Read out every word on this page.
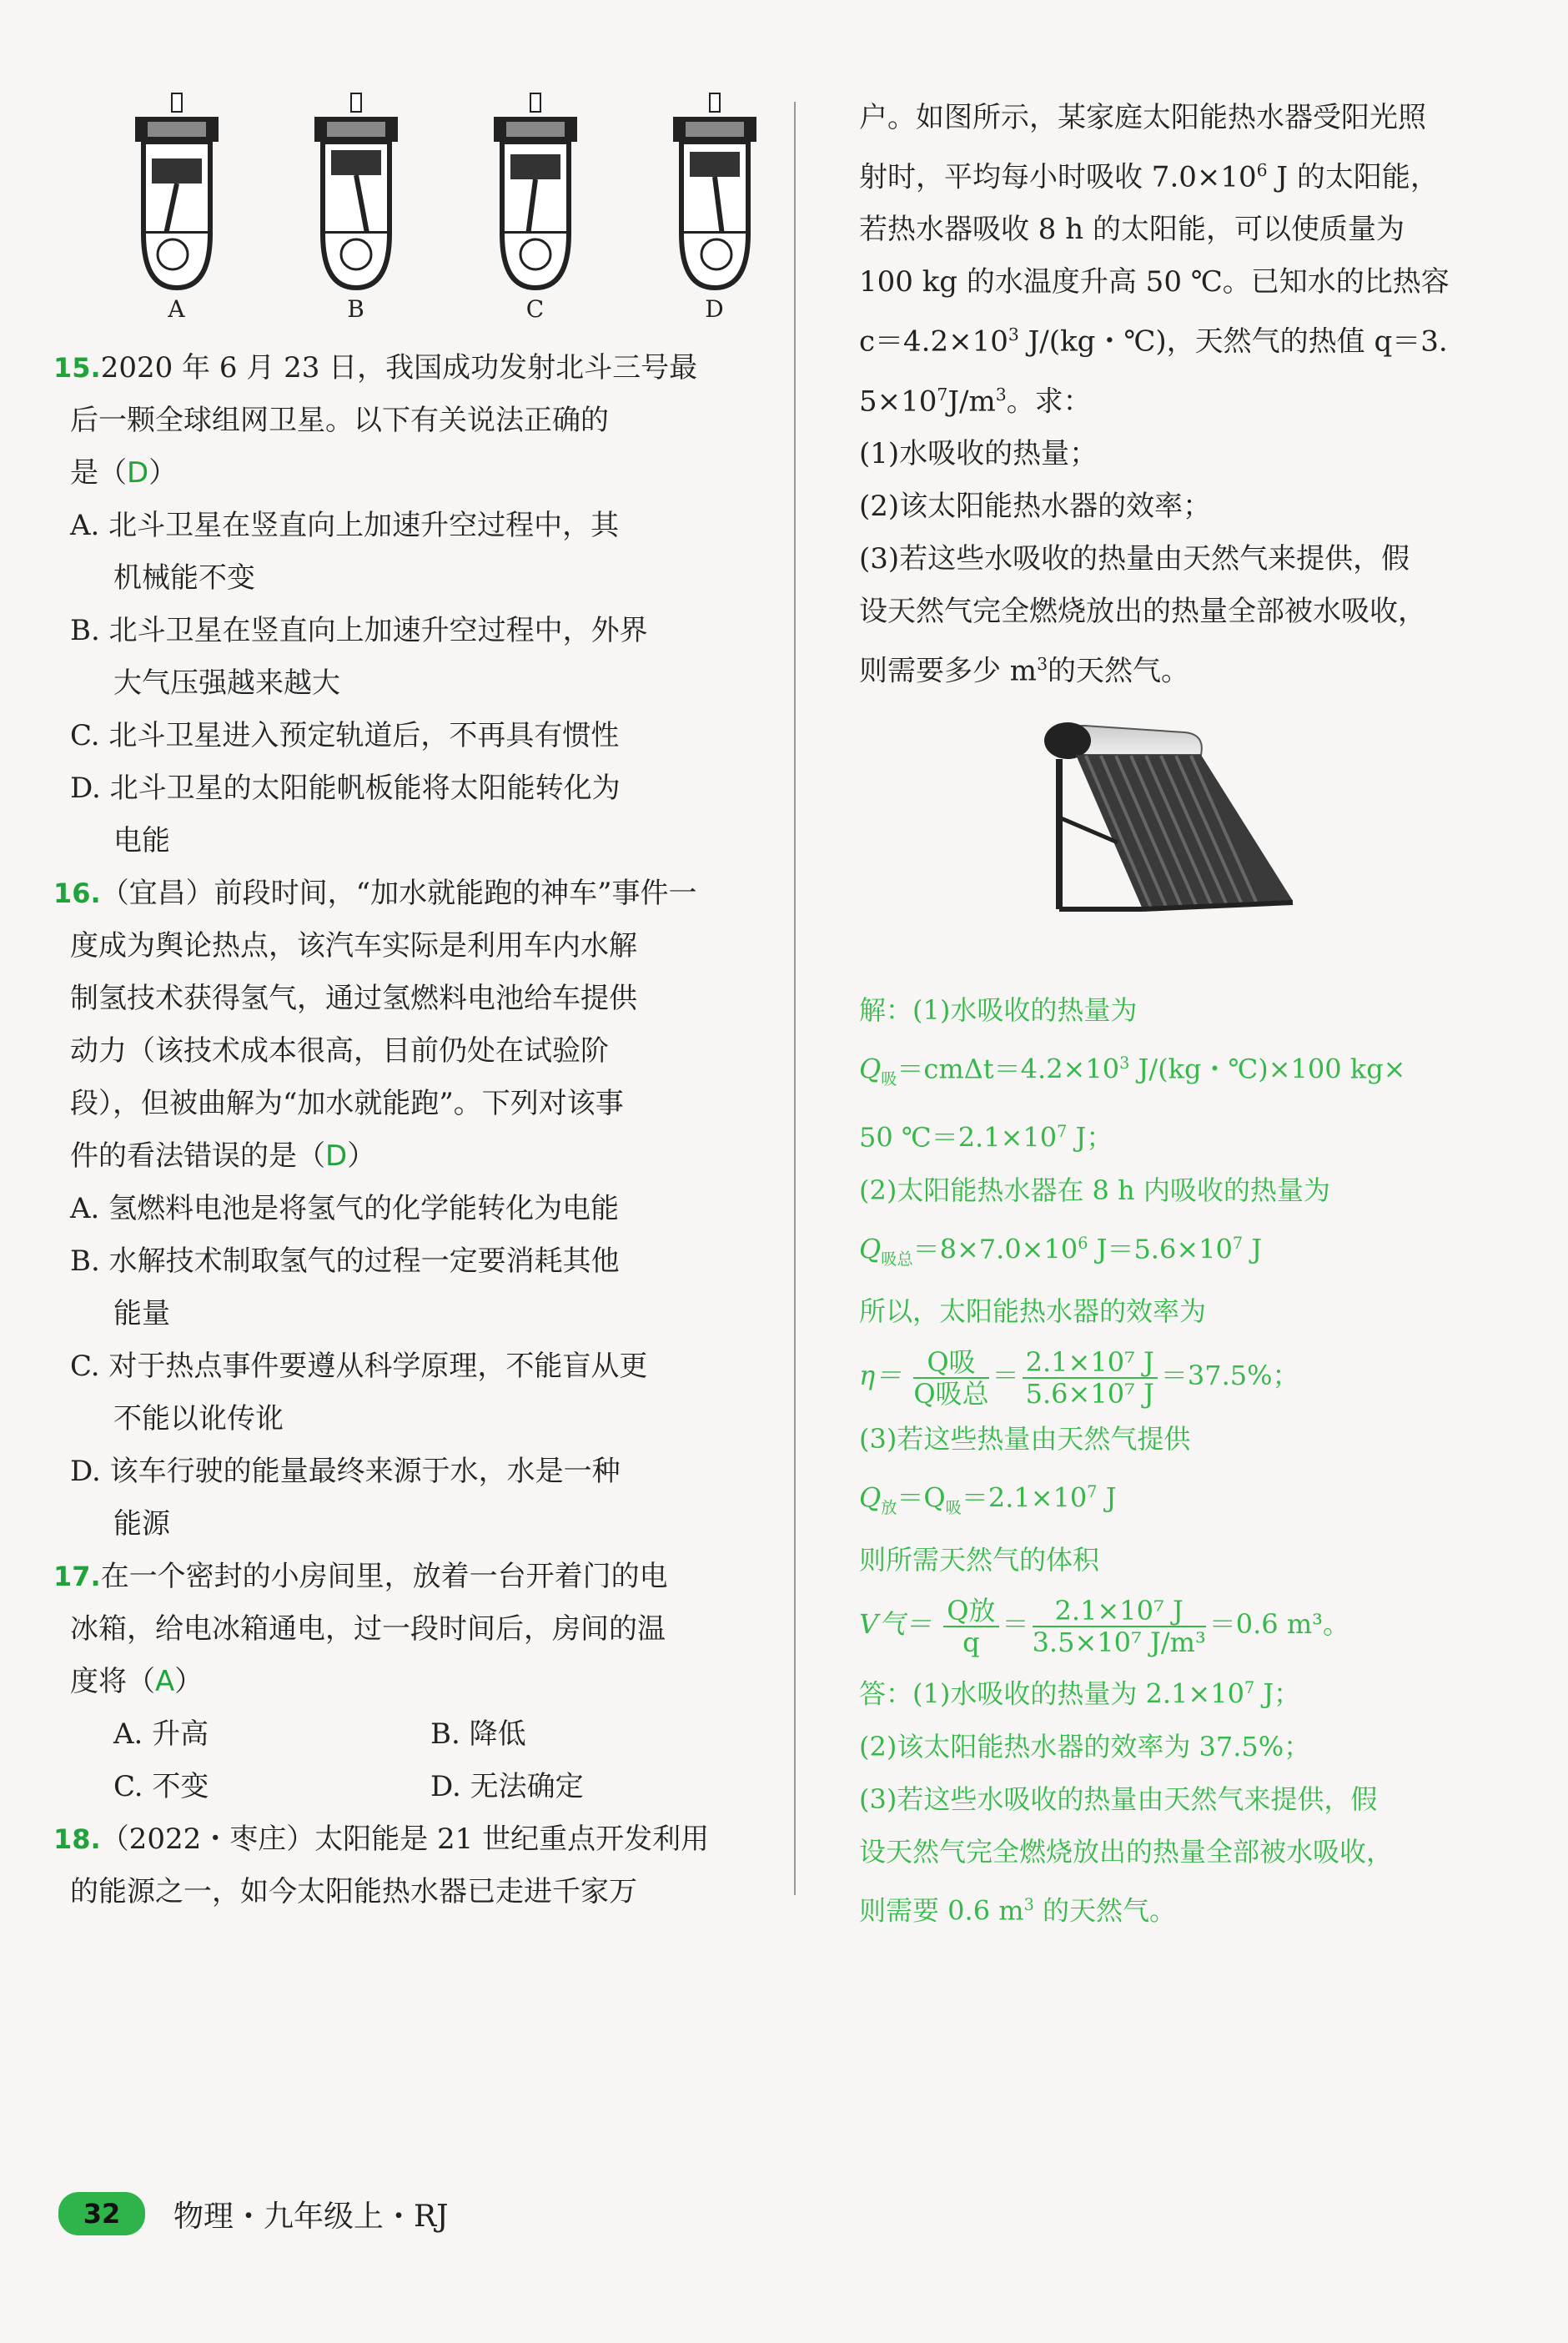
A	B	C	D
15.2020 年 6 月 23 日，我国成功发射北斗三号最
后一颗全球组网卫星。以下有关说法正确的
是（D）
A. 北斗卫星在竖直向上加速升空过程中，其
机械能不变
B. 北斗卫星在竖直向上加速升空过程中，外界
大气压强越来越大
C. 北斗卫星进入预定轨道后，不再具有惯性
D. 北斗卫星的太阳能帆板能将太阳能转化为
电能
16.（宜昌）前段时间，“加水就能跑的神车”事件一
度成为舆论热点，该汽车实际是利用车内水解
制氢技术获得氢气，通过氢燃料电池给车提供
动力（该技术成本很高，目前仍处在试验阶
段），但被曲解为“加水就能跑”。下列对该事
件的看法错误的是（D）
A. 氢燃料电池是将氢气的化学能转化为电能
B. 水解技术制取氢气的过程一定要消耗其他
能量
C. 对于热点事件要遵从科学原理，不能盲从更
不能以讹传讹
D. 该车行驶的能量最终来源于水，水是一种
能源
17.在一个密封的小房间里，放着一台开着门的电
冰箱，给电冰箱通电，过一段时间后，房间的温
度将（A）
A. 升高	B. 降低
C. 不变	D. 无法确定
18.（2022・枣庄）太阳能是 21 世纪重点开发利用
的能源之一，如今太阳能热水器已走进千家万
户。如图所示，某家庭太阳能热水器受阳光照
射时，平均每小时吸收 $7.0\times 10^6$ J 的太阳能，
若热水器吸收 8 h 的太阳能，可以使质量为
100 kg 的水温度升高 50 ℃。已知水的比热容
$c=4.2\times 10^3$ J/(kg・℃)，天然气的热值 q＝3.
$5\times 10^7J/m^3$。求：
(1)水吸收的热量；
(2)该太阳能热水器的效率；
(3)若这些水吸收的热量由天然气来提供，假
设天然气完全燃烧放出的热量全部被水吸收，
则需要多少 $m^3$的天然气。
解：(1)水吸收的热量为
$Q_吸=cm\Delta t=4.2\times 10^3$ J/(kg・℃)×100 kg×
50 $℃=2.1\times 10^7$ J；
(2)太阳能热水器在 8 h 内吸收的热量为
$Q_{吸总}=8\times 7.0\times 10^6$ $J=5.6\times 10^7$ J
所以，太阳能热水器的效率为
$\eta= \frac{\text{Q吸}}{\text{Q吸总}} = \frac{\text{2.1×10⁷ J}}{\text{5.6×10⁷ J}} =37.5\%$；
(3)若这些热量由天然气提供
$Q_放=Q_吸=2.1\times 10^7$ J
则所需天然气的体积
V气＝ $\frac{\text{Q放}}{q} = \frac{\text{2.1×10⁷ J}}{\text{3.5×10⁷ J/m³}} =0.6$ m³。
答：(1)水吸收的热量为 $2.1\times 10^7$ J；
(2)该太阳能热水器的效率为 37.5%；
(3)若这些水吸收的热量由天然气来提供，假
设天然气完全燃烧放出的热量全部被水吸收，
则需要 0.6 $m^3$ 的天然气。
32	物理・九年级上・RJ
